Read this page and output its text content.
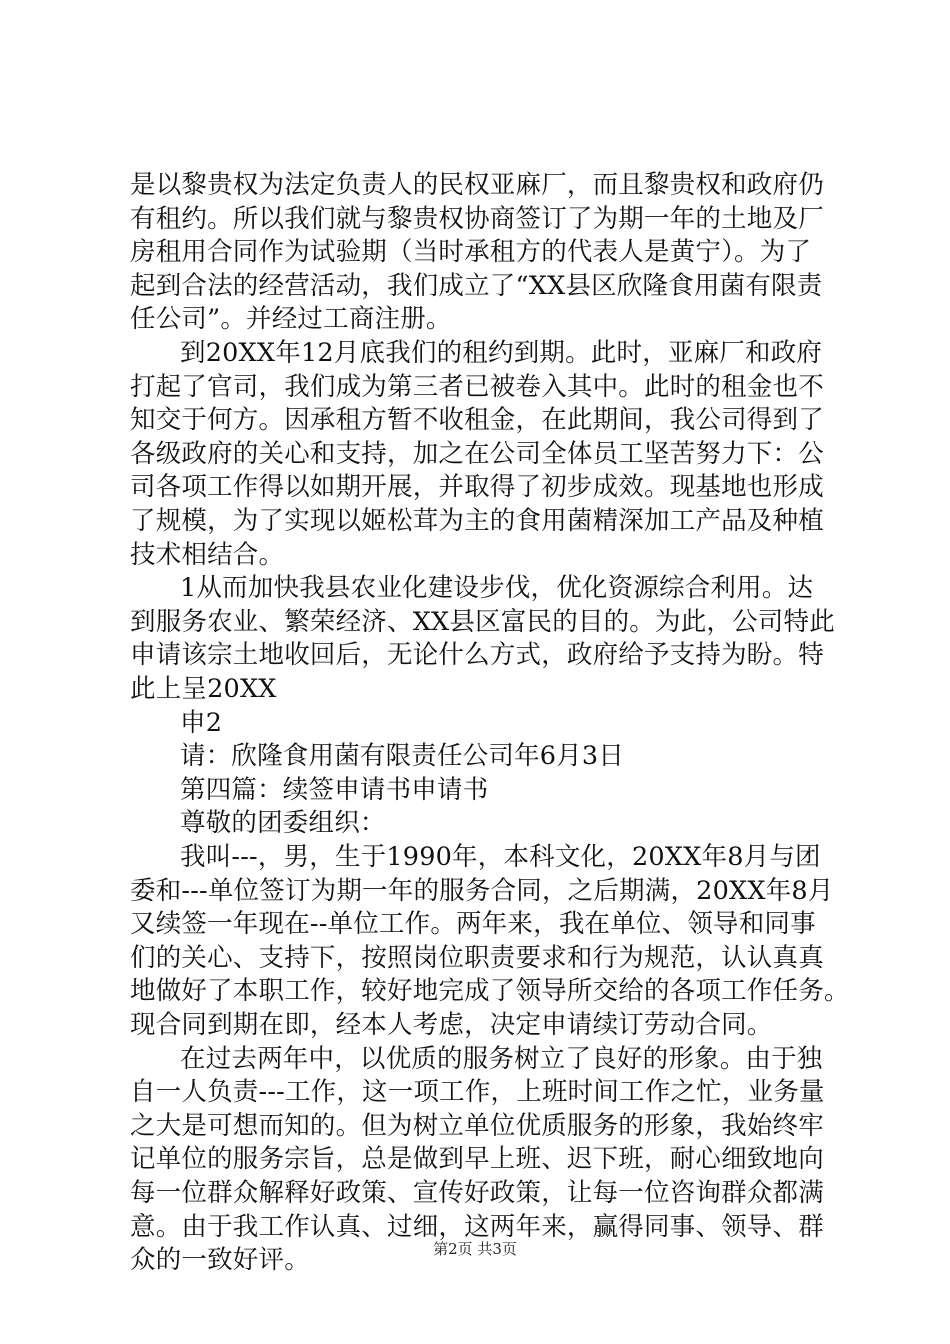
是以黎贵权为法定负责人的民权亚麻厂，而且黎贵权和政府仍
有租约。所以我们就与黎贵权协商签订了为期一年的土地及厂
房租用合同作为试验期（当时承租方的代表人是黄宁）。为了
起到合法的经营活动，我们成立了“XX县区欣隆食用菌有限责
任公司”。并经过工商注册。
到20XX年12月底我们的租约到期。此时，亚麻厂和政府
打起了官司，我们成为第三者已被卷入其中。此时的租金也不
知交于何方。因承租方暂不收租金，在此期间，我公司得到了
各级政府的关心和支持，加之在公司全体员工坚苦努力下：公
司各项工作得以如期开展，并取得了初步成效。现基地也形成
了规模，为了实现以姬松茸为主的食用菌精深加工产品及种植
技术相结合。
1从而加快我县农业化建设步伐，优化资源综合利用。达
到服务农业、繁荣经济、XX县区富民的目的。为此，公司特此
申请该宗土地收回后，无论什么方式，政府给予支持为盼。特
此上呈20XX
申2
请：欣隆食用菌有限责任公司年6月3日
第四篇：续签申请书申请书
尊敬的团委组织：
我叫---，男，生于1990年，本科文化，20XX年8月与团
委和---单位签订为期一年的服务合同，之后期满，20XX年8月
又续签一年现在--单位工作。两年来，我在单位、领导和同事
们的关心、支持下，按照岗位职责要求和行为规范，认认真真
地做好了本职工作，较好地完成了领导所交给的各项工作任务。
现合同到期在即，经本人考虑，决定申请续订劳动合同。
在过去两年中，以优质的服务树立了良好的形象。由于独
自一人负责---工作，这一项工作，上班时间工作之忙，业务量
之大是可想而知的。但为树立单位优质服务的形象，我始终牢
记单位的服务宗旨，总是做到早上班、迟下班，耐心细致地向
每一位群众解释好政策、宣传好政策，让每一位咨询群众都满
意。由于我工作认真、过细，这两年来，赢得同事、领导、群
众的一致好评。	第2页 共3页
